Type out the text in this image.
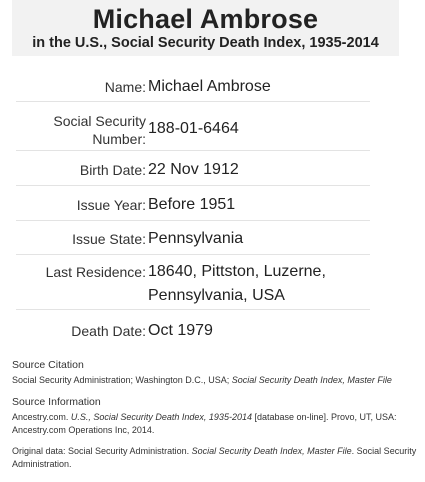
Michael Ambrose
in the U.S., Social Security Death Index, 1935-2014
Name: Michael Ambrose
Social Security
Number:
188-01-6464
Birth Date: 22 Nov 1912
Issue Year: Before 1951
Issue State: Pennsylvania
Last Residence: 18640, Pittston, Luzerne,
Pennsylvania, USA
Death Date: Oct 1979
Source Citation
Social Security Administration; Washington D.C., USA; Social Security Death Index, Master File
Source Information
Ancestry.com. U.S., Social Security Death Index, 1935-2014 [database on-line]. Provo, UT, USA:
Ancestry.com Operations Inc, 2014.
Original data: Social Security Administration. Social Security Death Index, Master File. Social Security
Administration.
